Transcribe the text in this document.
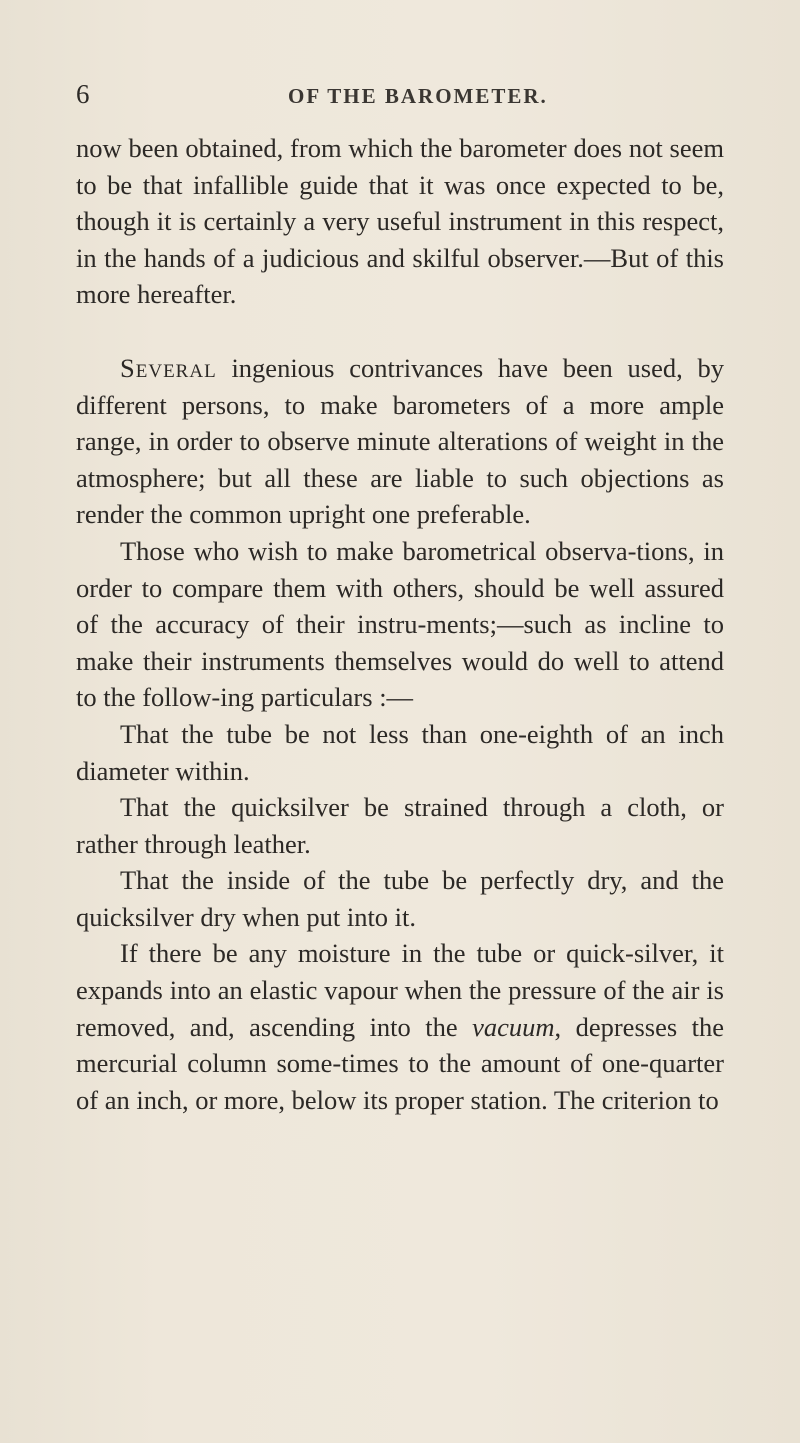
6	OF THE BAROMETER.

now been obtained, from which the barometer does not seem to be that infallible guide that it was once expected to be, though it is certainly a very useful instrument in this respect, in the hands of a judicious and skilful observer.—But of this more hereafter.

Several ingenious contrivances have been used, by different persons, to make barometers of a more ample range, in order to observe minute alterations of weight in the atmosphere; but all these are liable to such objections as render the common upright one preferable.

Those who wish to make barometrical observa-tions, in order to compare them with others, should be well assured of the accuracy of their instru-ments;—such as incline to make their instruments themselves would do well to attend to the follow-ing particulars :—

That the tube be not less than one-eighth of an inch diameter within.

That the quicksilver be strained through a cloth, or rather through leather.

That the inside of the tube be perfectly dry, and the quicksilver dry when put into it.

If there be any moisture in the tube or quick-silver, it expands into an elastic vapour when the pressure of the air is removed, and, ascending into the vacuum, depresses the mercurial column some-times to the amount of one-quarter of an inch, or more, below its proper station. The criterion to
